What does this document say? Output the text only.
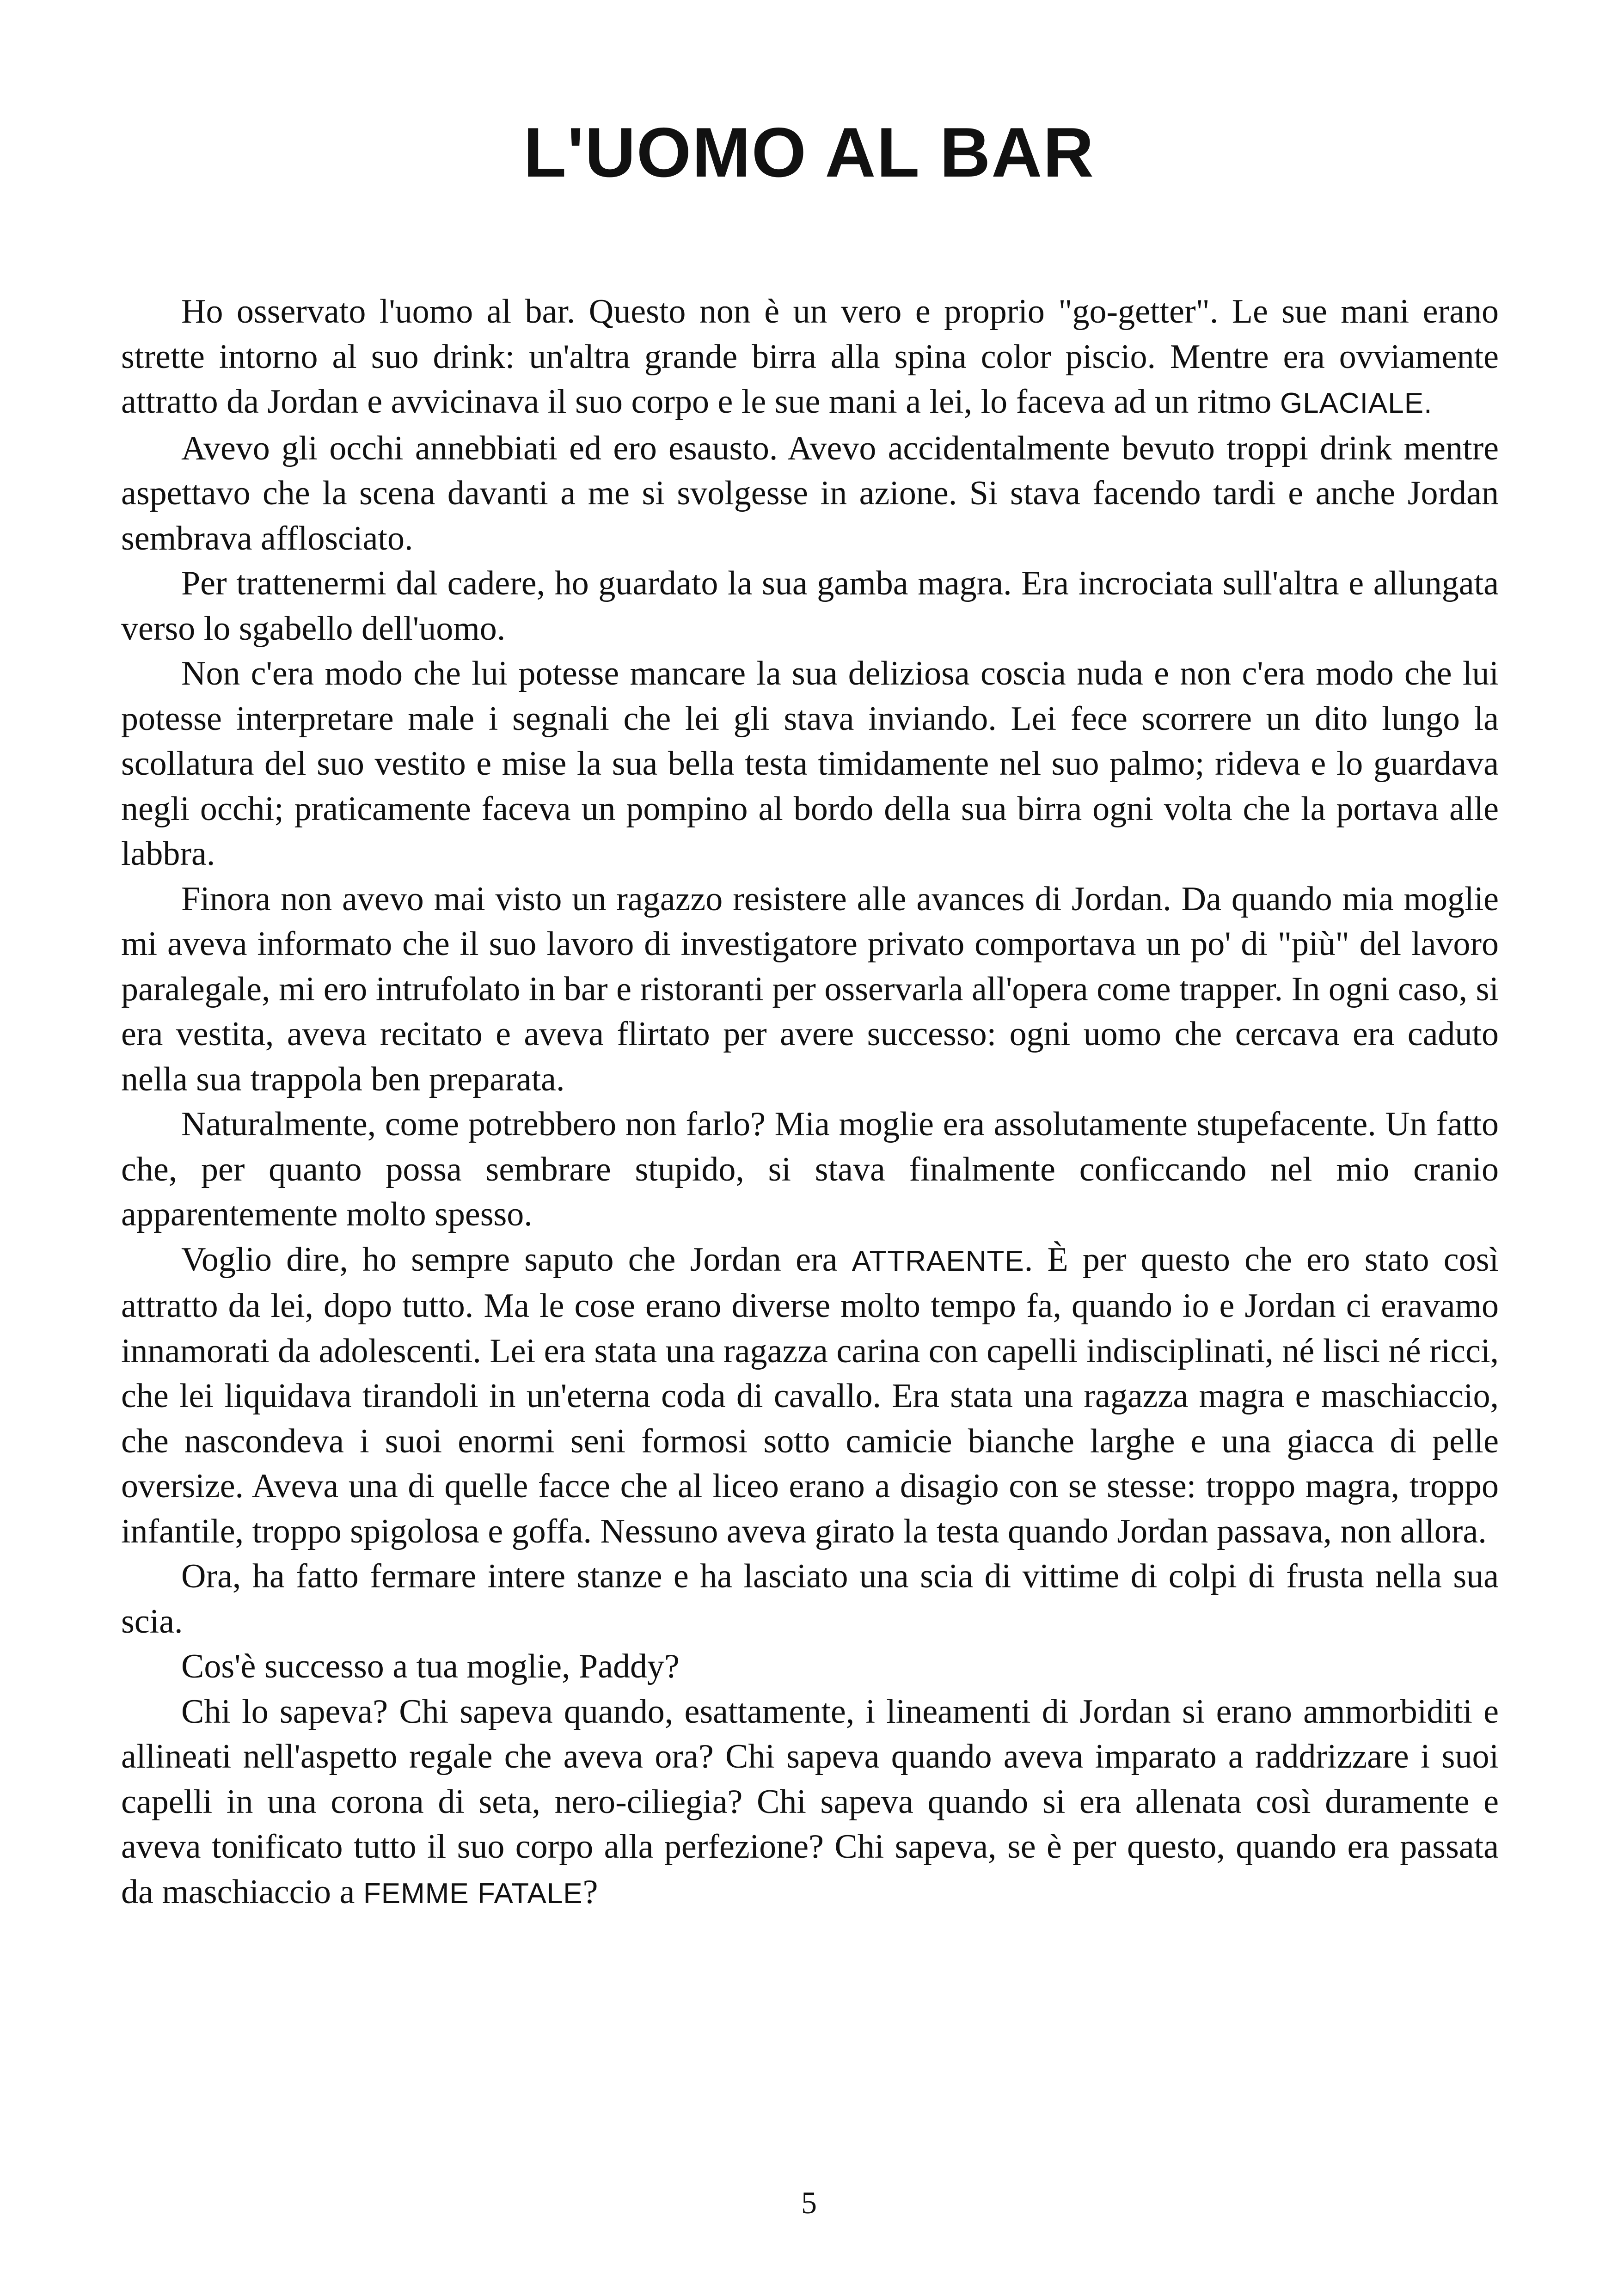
L'UOMO AL BAR

Ho osservato l'uomo al bar. Questo non è un vero e proprio "go-getter". Le sue mani erano strette intorno al suo drink: un'altra grande birra alla spina color piscio. Mentre era ovviamente attratto da Jordan e avvicinava il suo corpo e le sue mani a lei, lo faceva ad un ritmo GLACIALE.

Avevo gli occhi annebbiati ed ero esausto. Avevo accidentalmente bevuto troppi drink mentre aspettavo che la scena davanti a me si svolgesse in azione. Si stava facendo tardi e anche Jordan sembrava afflosciato.

Per trattenermi dal cadere, ho guardato la sua gamba magra. Era incrociata sull'altra e allungata verso lo sgabello dell'uomo.

Non c'era modo che lui potesse mancare la sua deliziosa coscia nuda e non c'era modo che lui potesse interpretare male i segnali che lei gli stava inviando. Lei fece scorrere un dito lungo la scollatura del suo vestito e mise la sua bella testa timidamente nel suo palmo; rideva e lo guardava negli occhi; praticamente faceva un pompino al bordo della sua birra ogni volta che la portava alle labbra.

Finora non avevo mai visto un ragazzo resistere alle avances di Jordan. Da quando mia moglie mi aveva informato che il suo lavoro di investigatore privato comportava un po' di "più" del lavoro paralegale, mi ero intrufolato in bar e ristoranti per osservarla all'opera come trapper. In ogni caso, si era vestita, aveva recitato e aveva flirtato per avere successo: ogni uomo che cercava era caduto nella sua trappola ben preparata.

Naturalmente, come potrebbero non farlo? Mia moglie era assolutamente stupefacente. Un fatto che, per quanto possa sembrare stupido, si stava finalmente conficcando nel mio cranio apparentemente molto spesso.

Voglio dire, ho sempre saputo che Jordan era ATTRAENTE. È per questo che ero stato così attratto da lei, dopo tutto. Ma le cose erano diverse molto tempo fa, quando io e Jordan ci eravamo innamorati da adolescenti. Lei era stata una ragazza carina con capelli indisciplinati, né lisci né ricci, che lei liquidava tirandoli in un'eterna coda di cavallo. Era stata una ragazza magra e maschiaccio, che nascondeva i suoi enormi seni formosi sotto camicie bianche larghe e una giacca di pelle oversize. Aveva una di quelle facce che al liceo erano a disagio con se stesse: troppo magra, troppo infantile, troppo spigolosa e goffa. Nessuno aveva girato la testa quando Jordan passava, non allora.

Ora, ha fatto fermare intere stanze e ha lasciato una scia di vittime di colpi di frusta nella sua scia.

Cos'è successo a tua moglie, Paddy?

Chi lo sapeva? Chi sapeva quando, esattamente, i lineamenti di Jordan si erano ammorbiditi e allineati nell'aspetto regale che aveva ora? Chi sapeva quando aveva imparato a raddrizzare i suoi capelli in una corona di seta, nero-ciliegia? Chi sapeva quando si era allenata così duramente e aveva tonificato tutto il suo corpo alla perfezione? Chi sapeva, se è per questo, quando era passata da maschiaccio a FEMME FATALE?

5
